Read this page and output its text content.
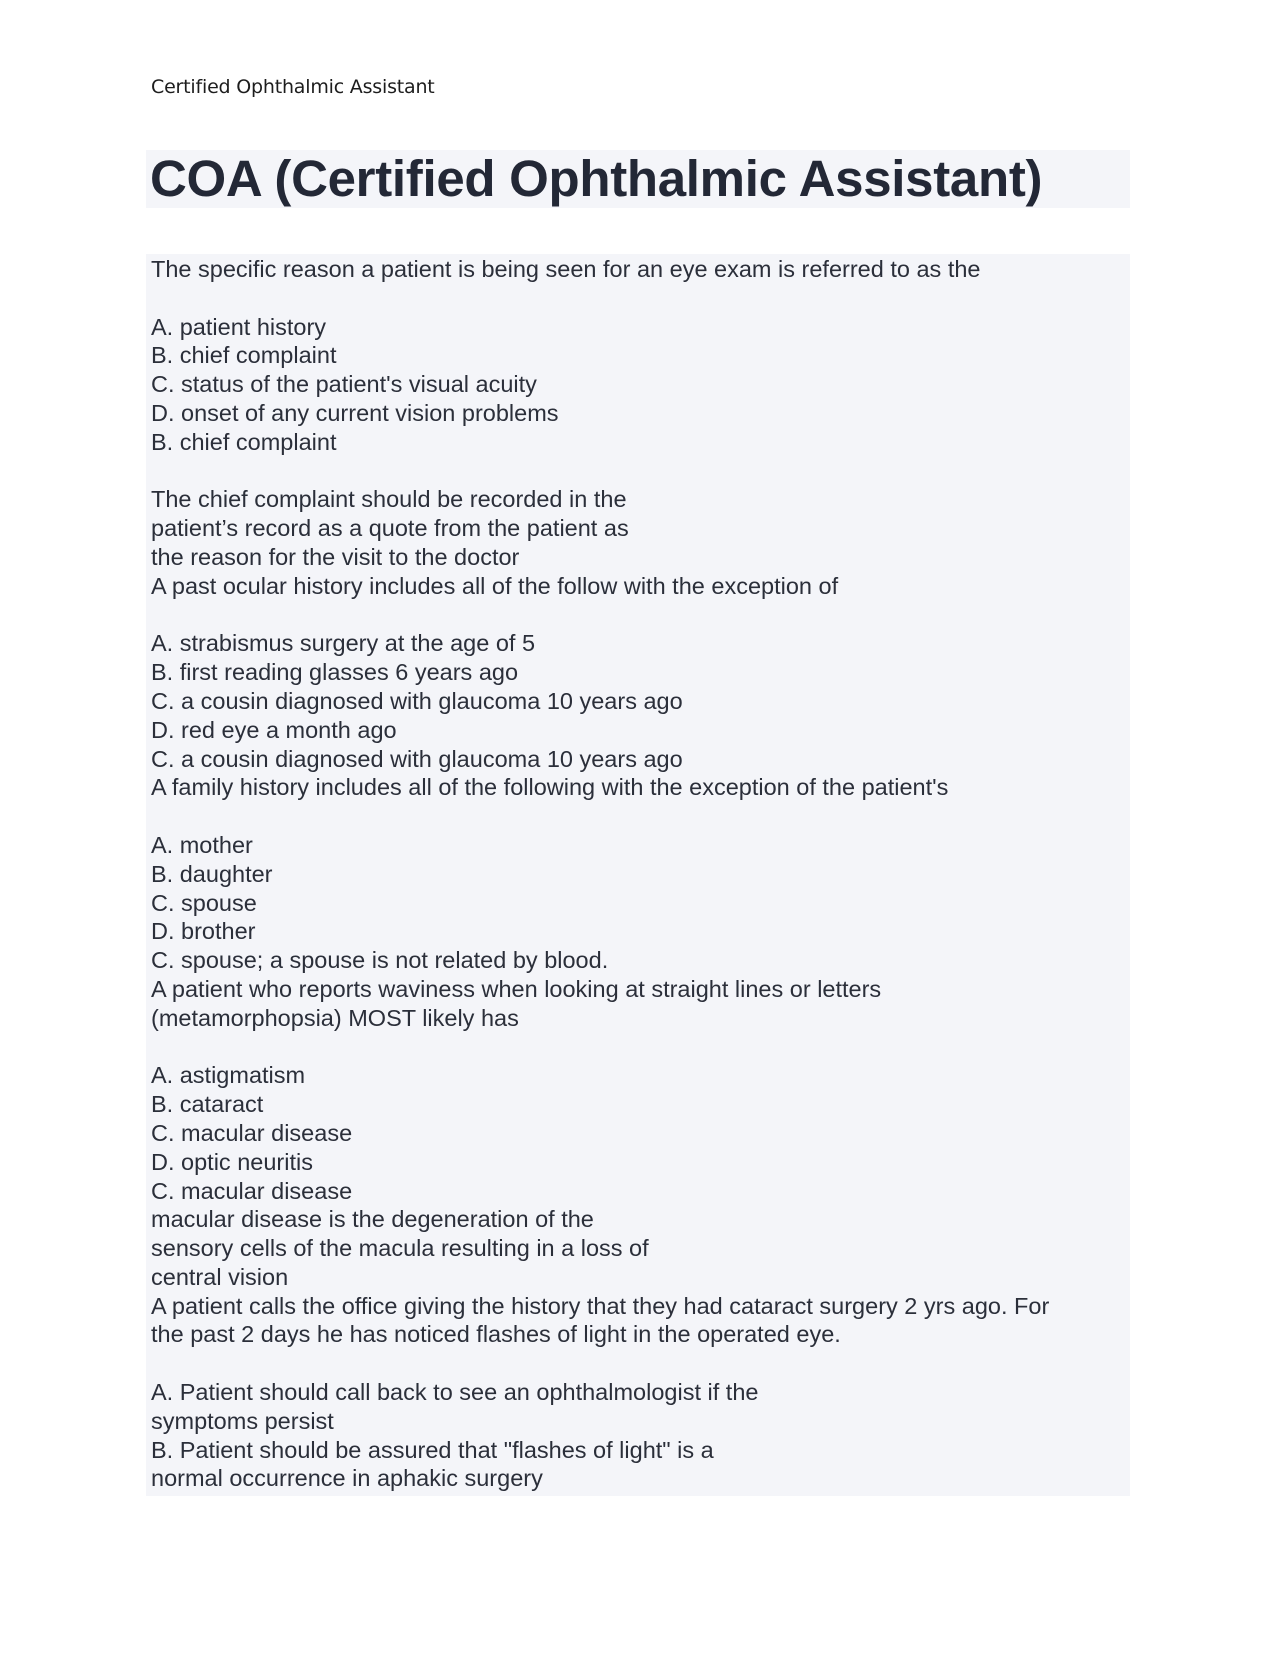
Certified Ophthalmic Assistant
COA (Certified Ophthalmic Assistant)
The specific reason a patient is being seen for an eye exam is referred to as the
A. patient history
B. chief complaint
C. status of the patient's visual acuity
D. onset of any current vision problems
B. chief complaint
The chief complaint should be recorded in the
patient’s record as a quote from the patient as
the reason for the visit to the doctor
A past ocular history includes all of the follow with the exception of
A. strabismus surgery at the age of 5
B. first reading glasses 6 years ago
C. a cousin diagnosed with glaucoma 10 years ago
D. red eye a month ago
C. a cousin diagnosed with glaucoma 10 years ago
A family history includes all of the following with the exception of the patient's
A. mother
B. daughter
C. spouse
D. brother
C. spouse; a spouse is not related by blood.
A patient who reports waviness when looking at straight lines or letters
(metamorphopsia) MOST likely has
A. astigmatism
B. cataract
C. macular disease
D. optic neuritis
C. macular disease
macular disease is the degeneration of the
sensory cells of the macula resulting in a loss of
central vision
A patient calls the office giving the history that they had cataract surgery 2 yrs ago. For
the past 2 days he has noticed flashes of light in the operated eye.
A. Patient should call back to see an ophthalmologist if the
symptoms persist
B. Patient should be assured that "flashes of light" is a
normal occurrence in aphakic surgery
